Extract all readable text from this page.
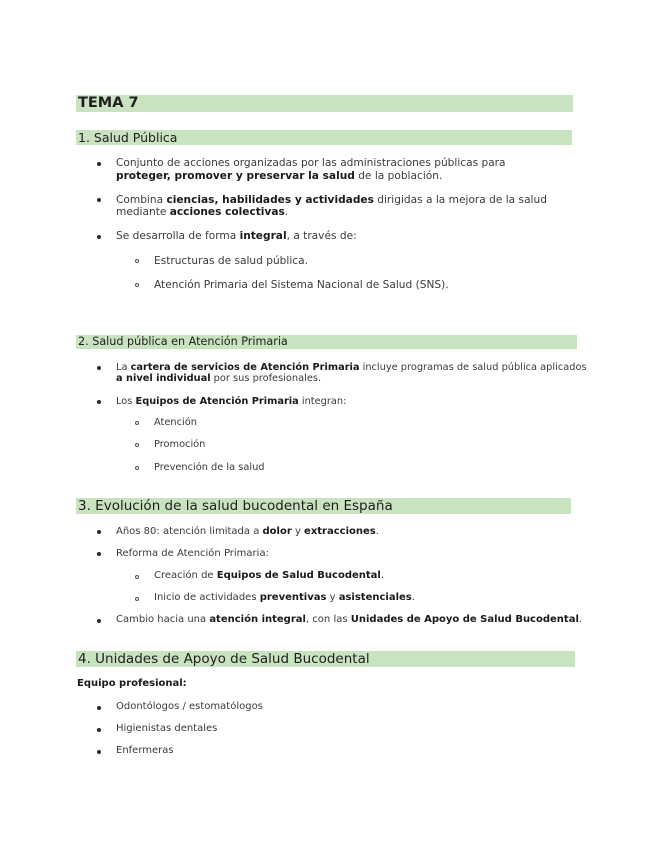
TEMA 7
1. Salud Pública
Conjunto de acciones organizadas por las administraciones públicas para
proteger, promover y preservar la salud de la población.
Combina ciencias, habilidades y actividades dirigidas a la mejora de la salud
mediante acciones colectivas.
Se desarrolla de forma integral, a través de:
Estructuras de salud pública.
Atención Primaria del Sistema Nacional de Salud (SNS).
2. Salud pública en Atención Primaria
La cartera de servicios de Atención Primaria incluye programas de salud pública aplicados
a nivel individual por sus profesionales.
Los Equipos de Atención Primaria integran:
Atención
Promoción
Prevención de la salud
3. Evolución de la salud bucodental en España
Años 80: atención limitada a dolor y extracciones.
Reforma de Atención Primaria:
Creación de Equipos de Salud Bucodental.
Inicio de actividades preventivas y asistenciales.
Cambio hacia una atención integral, con las Unidades de Apoyo de Salud Bucodental.
4. Unidades de Apoyo de Salud Bucodental
Equipo profesional:
Odontólogos / estomatólogos
Higienistas dentales
Enfermeras
